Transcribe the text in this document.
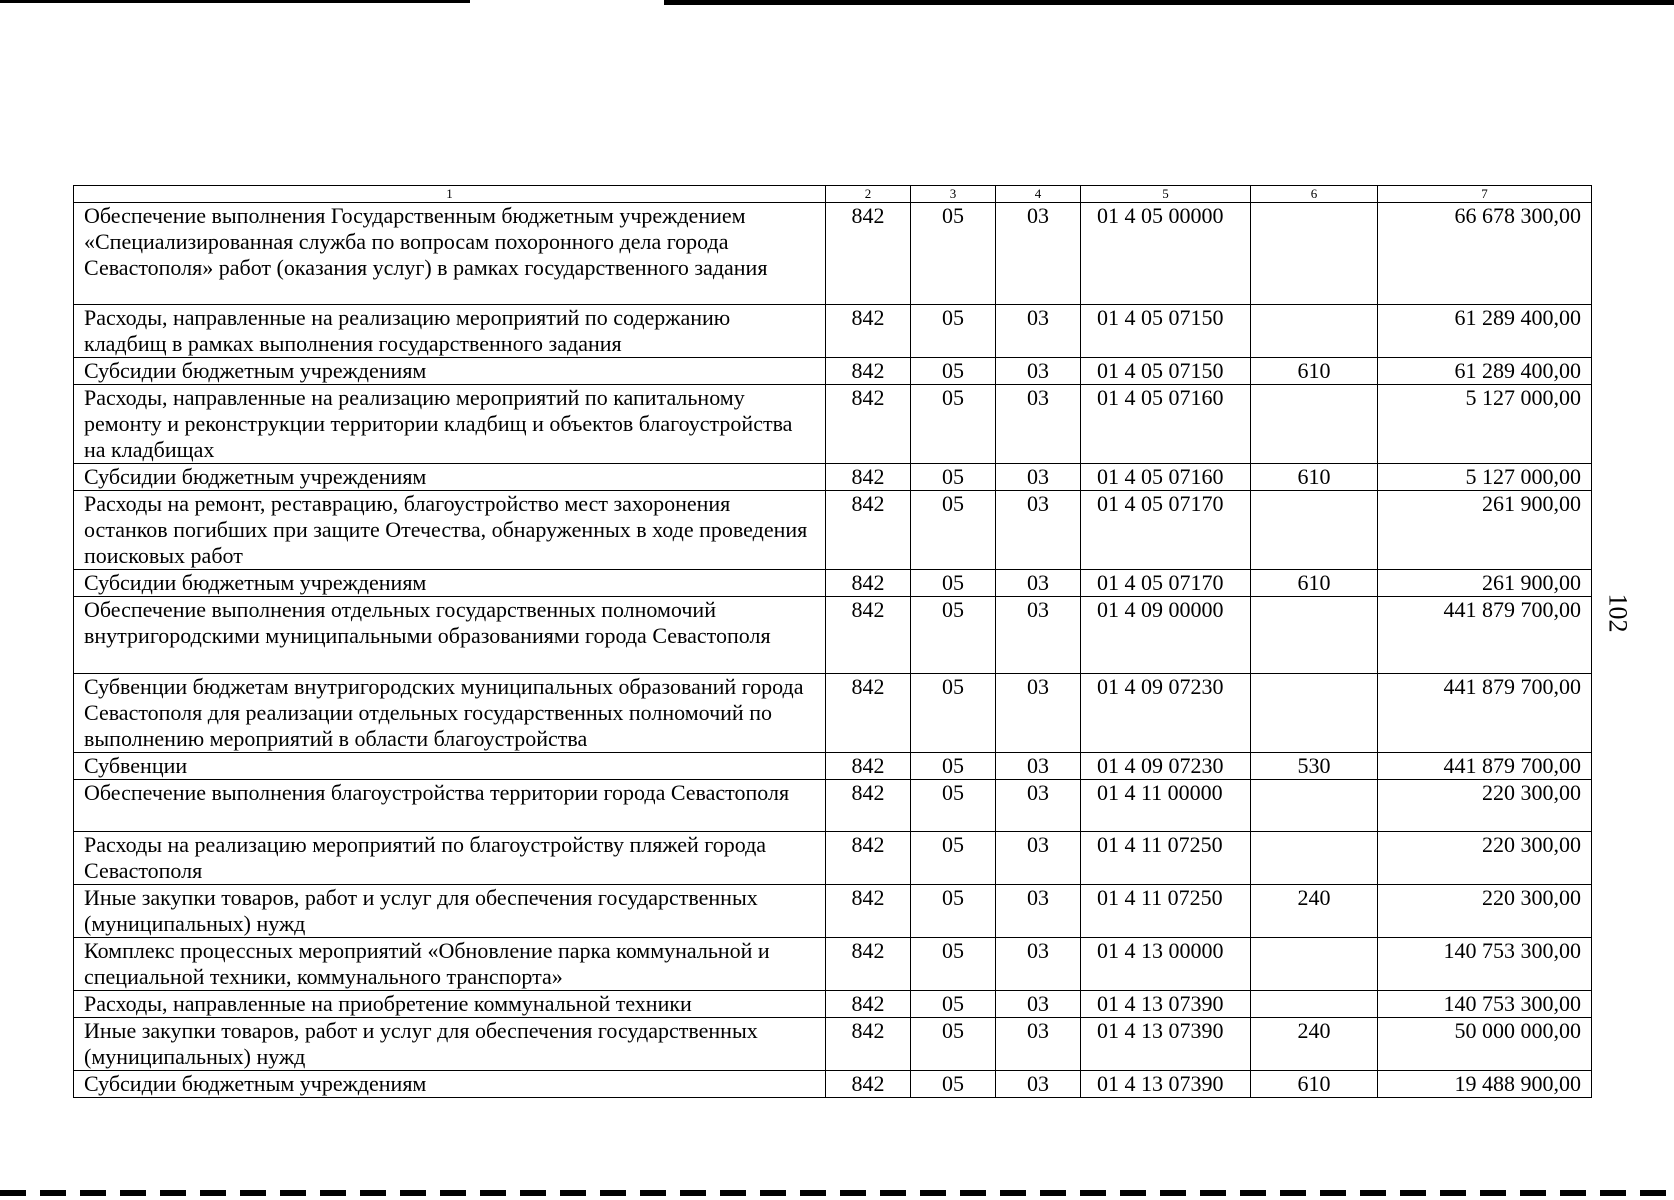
102
1	2	3	4	5	6	7
Обеспечение выполнения Государственным бюджетным учреждением «Специализированная служба по вопросам похоронного дела города Севастополя» работ (оказания услуг) в рамках государственного задания	842	05	03	01 4 05 00000		66 678 300,00
Расходы, направленные на реализацию мероприятий по содержанию кладбищ в рамках выполнения государственного задания	842	05	03	01 4 05 07150		61 289 400,00
Субсидии бюджетным учреждениям	842	05	03	01 4 05 07150	610	61 289 400,00
Расходы, направленные на реализацию мероприятий по капитальному ремонту и реконструкции территории кладбищ и объектов благоустройства на кладбищах	842	05	03	01 4 05 07160		5 127 000,00
Субсидии бюджетным учреждениям	842	05	03	01 4 05 07160	610	5 127 000,00
Расходы на ремонт, реставрацию, благоустройство мест захоронения останков погибших при защите Отечества, обнаруженных в ходе проведения поисковых работ	842	05	03	01 4 05 07170		261 900,00
Субсидии бюджетным учреждениям	842	05	03	01 4 05 07170	610	261 900,00
Обеспечение выполнения отдельных государственных полномочий внутригородскими муниципальными образованиями города Севастополя	842	05	03	01 4 09 00000		441 879 700,00
Субвенции бюджетам внутригородских муниципальных образований города Севастополя для реализации отдельных государственных полномочий по выполнению мероприятий в области благоустройства	842	05	03	01 4 09 07230		441 879 700,00
Субвенции	842	05	03	01 4 09 07230	530	441 879 700,00
Обеспечение выполнения благоустройства территории города Севастополя	842	05	03	01 4 11 00000		220 300,00
Расходы на реализацию мероприятий по благоустройству пляжей города Севастополя	842	05	03	01 4 11 07250		220 300,00
Иные закупки товаров, работ и услуг для обеспечения государственных (муниципальных) нужд	842	05	03	01 4 11 07250	240	220 300,00
Комплекс процессных мероприятий «Обновление парка коммунальной и специальной техники, коммунального транспорта»	842	05	03	01 4 13 00000		140 753 300,00
Расходы, направленные на приобретение коммунальной техники	842	05	03	01 4 13 07390		140 753 300,00
Иные закупки товаров, работ и услуг для обеспечения государственных (муниципальных) нужд	842	05	03	01 4 13 07390	240	50 000 000,00
Субсидии бюджетным учреждениям	842	05	03	01 4 13 07390	610	19 488 900,00
